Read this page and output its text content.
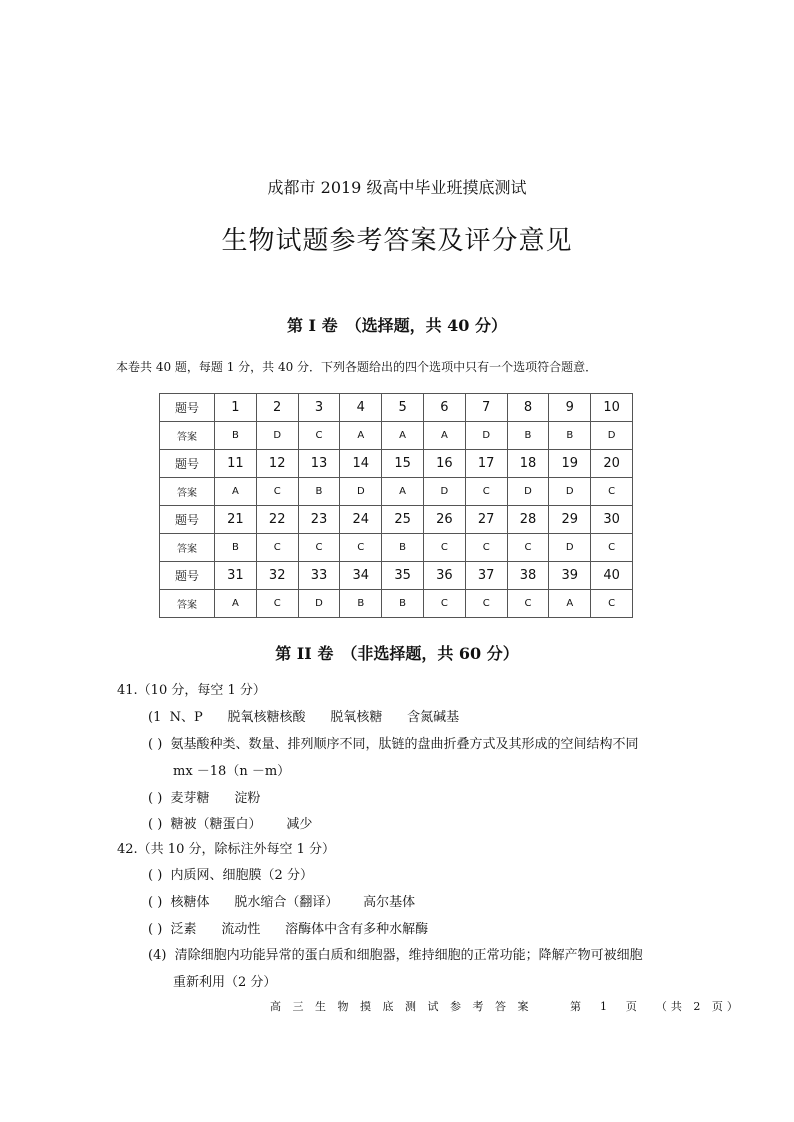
成都市 2019 级高中毕业班摸底测试
生物试题参考答案及评分意见
第 I 卷　（选择题，共 40 分）
本卷共 40 题，每题 1 分，共 40 分．下列各题给出的四个选项中只有一个选项符合题意．
题号	1	2	3	4	5	6	7	8	9	10
答案	B	D	C	A	A	A	D	B	B	D
题号	11	12	13	14	15	16	17	18	19	20
答案	A	C	B	D	A	D	C	D	D	C
题号	21	22	23	24	25	26	27	28	29	30
答案	B	C	C	C	B	C	C	C	D	C
题号	31	32	33	34	35	36	37	38	39	40
答案	A	C	D	B	B	C	C	C	A	C
第 II 卷　（非选择题，共 60 分）
41.（10 分，每空 1 分）
(1  N、P      脱氧核糖核酸      脱氧核糖      含氮碱基
( )  氨基酸种类、数量、排列顺序不同，肽链的盘曲折叠方式及其形成的空间结构不同
mx －18（n －m）
( )  麦芽糖      淀粉
( )  糖被（糖蛋白）      减少
42.（共 10 分，除标注外每空 1 分）
( )  内质网、细胞膜（2 分）
( )  核糖体      脱水缩合（翻译）      高尔基体
( )  泛素      流动性      溶酶体中含有多种水解酶
(4)  清除细胞内功能异常的蛋白质和细胞器，维持细胞的正常功能；降解产物可被细胞
重新利用（2 分）
高 三 生 物 摸 底 测 试 参 考 答 案     第  1  页  （共 2 页）
